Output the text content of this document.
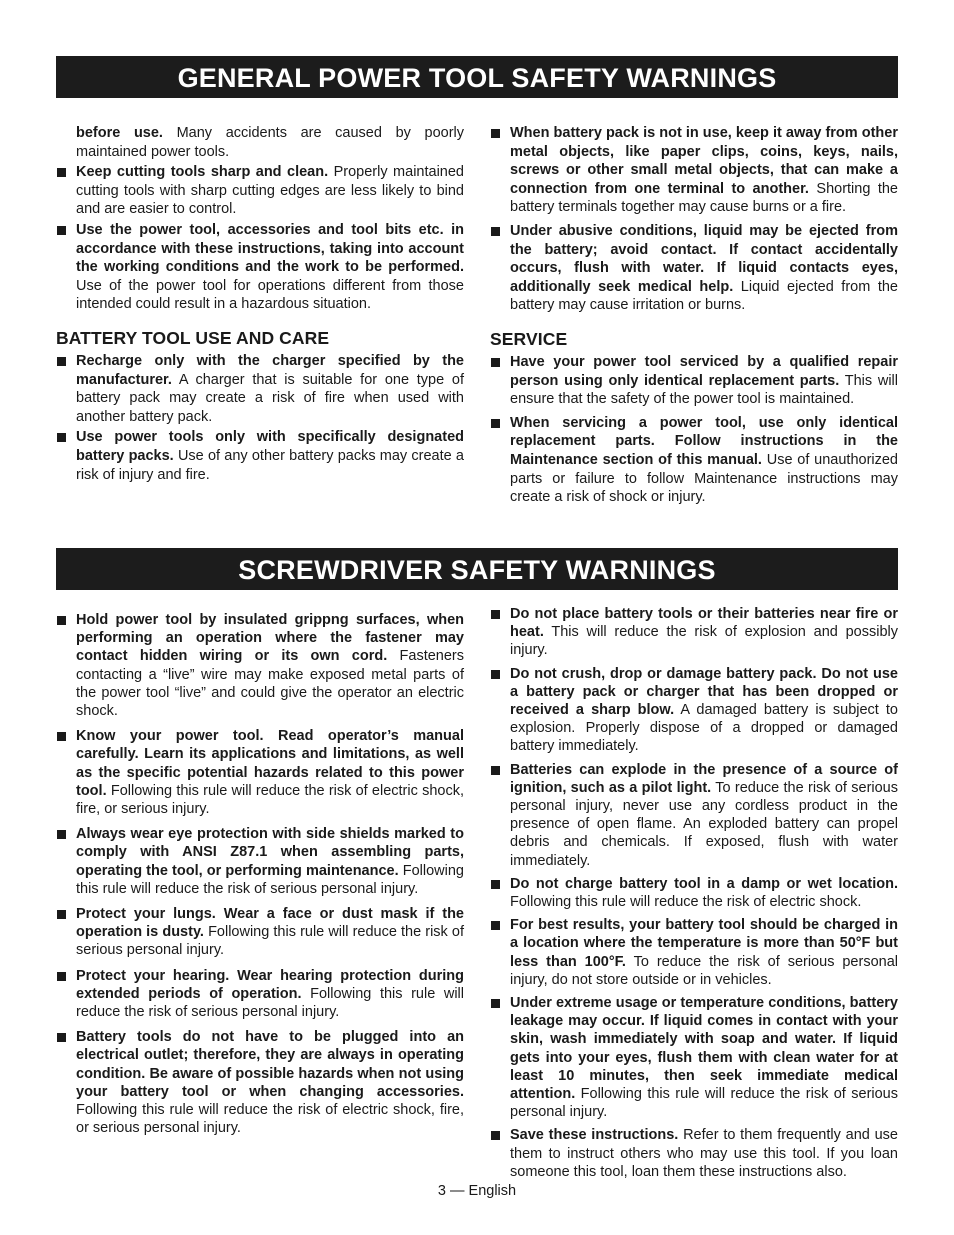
GENERAL POWER TOOL SAFETY WARNINGS
before use. Many accidents are caused by poorly maintained power tools.
Keep cutting tools sharp and clean. Properly maintained cutting tools with sharp cutting edges are less likely to bind and are easier to control.
Use the power tool, accessories and tool bits etc. in accordance with these instructions, taking into account the working conditions and the work to be performed. Use of the power tool for operations different from those intended could result in a hazardous situation.
BATTERY TOOL USE AND CARE
Recharge only with the charger specified by the manufacturer. A charger that is suitable for one type of battery pack may create a risk of fire when used with another battery pack.
Use power tools only with specifically designated battery packs. Use of any other battery packs may create a risk of injury and fire.
When battery pack is not in use, keep it away from other metal objects, like paper clips, coins, keys, nails, screws or other small metal objects, that can make a connection from one terminal to another. Shorting the battery terminals together may cause burns or a fire.
Under abusive conditions, liquid may be ejected from the battery; avoid contact. If contact accidentally occurs, flush with water. If liquid contacts eyes, additionally seek medical help. Liquid ejected from the battery may cause irritation or burns.
SERVICE
Have your power tool serviced by a qualified repair person using only identical replacement parts. This will ensure that the safety of the power tool is maintained.
When servicing a power tool, use only identical replacement parts. Follow instructions in the Maintenance section of this manual. Use of unauthorized parts or failure to follow Maintenance instructions may create a risk of shock or injury.
SCREWDRIVER SAFETY WARNINGS
Hold power tool by insulated grippng surfaces, when performing an operation where the fastener may contact hidden wiring or its own cord. Fasteners contacting a “live” wire may make exposed metal parts of the power tool “live” and could give the operator an electric shock.
Know your power tool. Read operator’s manual carefully. Learn its applications and limitations, as well as the specific potential hazards related to this power tool. Following this rule will reduce the risk of electric shock, fire, or serious injury.
Always wear eye protection with side shields marked to comply with ANSI Z87.1 when assembling parts, operating the tool, or performing maintenance. Following this rule will reduce the risk of serious personal injury.
Protect your lungs. Wear a face or dust mask if the operation is dusty. Following this rule will reduce the risk of serious personal injury.
Protect your hearing. Wear hearing protection during extended periods of operation. Following this rule will reduce the risk of serious personal injury.
Battery tools do not have to be plugged into an electrical outlet; therefore, they are always in operating condition. Be aware of possible hazards when not using your battery tool or when changing accessories. Following this rule will reduce the risk of electric shock, fire, or serious personal injury.
Do not place battery tools or their batteries near fire or heat. This will reduce the risk of explosion and possibly injury.
Do not crush, drop or damage battery pack. Do not use a battery pack or charger that has been dropped or received a sharp blow. A damaged battery is subject to explosion. Properly dispose of a dropped or damaged battery immediately.
Batteries can explode in the presence of a source of ignition, such as a pilot light. To reduce the risk of serious personal injury, never use any cordless product in the presence of open flame. An exploded battery can propel debris and chemicals. If exposed, flush with water immediately.
Do not charge battery tool in a damp or wet location. Following this rule will reduce the risk of electric shock.
For best results, your battery tool should be charged in a location where the temperature is more than 50°F but less than 100°F. To reduce the risk of serious personal injury, do not store outside or in vehicles.
Under extreme usage or temperature conditions, battery leakage may occur. If liquid comes in contact with your skin, wash immediately with soap and water. If liquid gets into your eyes, flush them with clean water for at least 10 minutes, then seek immediate medical attention. Following this rule will reduce the risk of serious personal injury.
Save these instructions. Refer to them frequently and use them to instruct others who may use this tool. If you loan someone this tool, loan them these instructions also.
3 — English
